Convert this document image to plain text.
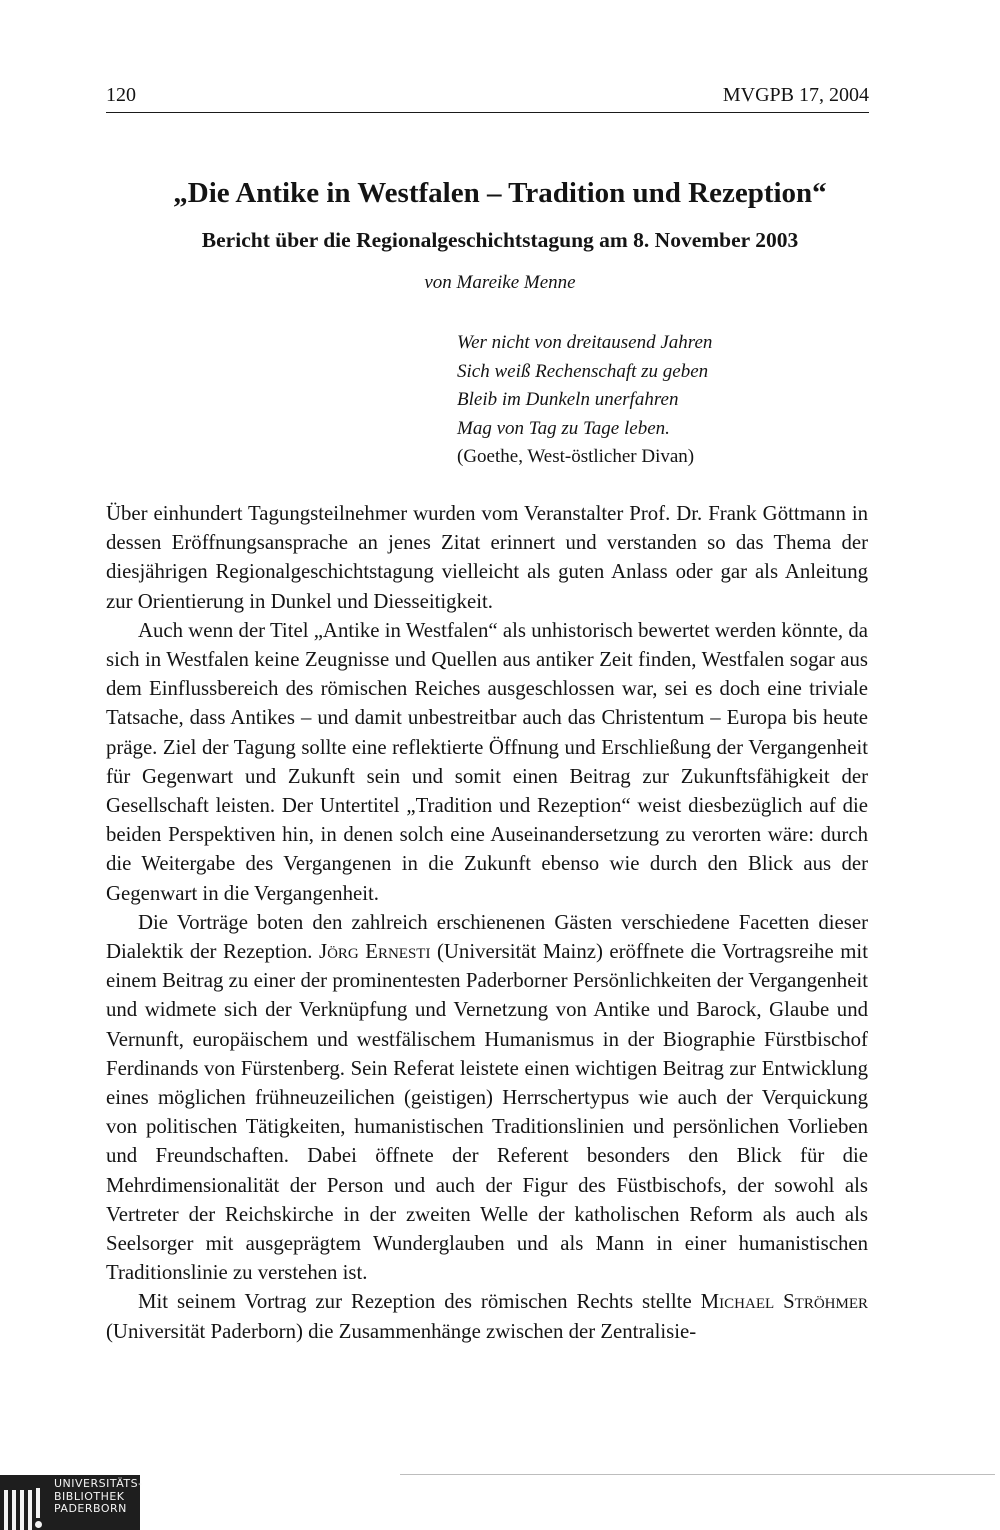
120	MVGPB 17, 2004
„Die Antike in Westfalen – Tradition und Rezeption“
Bericht über die Regionalgeschichtstagung am 8. November 2003
von Mareike Menne
Wer nicht von dreitausend Jahren
Sich weiß Rechenschaft zu geben
Bleib im Dunkeln unerfahren
Mag von Tag zu Tage leben.
(Goethe, West-östlicher Divan)

Über einhundert Tagungsteilnehmer wurden vom Veranstalter Prof. Dr. Frank Göttmann in dessen Eröffnungsansprache an jenes Zitat erinnert und verstanden so das Thema der diesjährigen Regionalgeschichtstagung vielleicht als guten Anlass oder gar als Anleitung zur Orientierung in Dunkel und Diesseitigkeit.

Auch wenn der Titel „Antike in Westfalen“ als unhistorisch bewertet werden könnte, da sich in Westfalen keine Zeugnisse und Quellen aus antiker Zeit finden, Westfalen sogar aus dem Einflussbereich des römischen Reiches ausgeschlossen war, sei es doch eine triviale Tatsache, dass Antikes – und damit unbestreitbar auch das Christentum – Europa bis heute präge. Ziel der Tagung sollte eine reflektierte Öffnung und Erschließung der Vergangenheit für Gegenwart und Zukunft sein und somit einen Beitrag zur Zukunftsfähigkeit der Gesellschaft leisten. Der Untertitel „Tradition und Rezeption“ weist diesbezüglich auf die beiden Perspektiven hin, in denen solch eine Auseinandersetzung zu verorten wäre: durch die Weitergabe des Vergangenen in die Zukunft ebenso wie durch den Blick aus der Gegenwart in die Vergangenheit.

Die Vorträge boten den zahlreich erschienenen Gästen verschiedene Facetten dieser Dialektik der Rezeption. Jörg Ernesti (Universität Mainz) eröffnete die Vortragsreihe mit einem Beitrag zu einer der prominentesten Paderborner Persönlichkeiten der Vergangenheit und widmete sich der Verknüpfung und Vernetzung von Antike und Barock, Glaube und Vernunft, europäischem und westfälischem Humanismus in der Biographie Fürstbischof Ferdinands von Fürstenberg. Sein Referat leistete einen wichtigen Beitrag zur Entwicklung eines möglichen frühneuzeilichen (geistigen) Herrschertypus wie auch der Verquickung von politischen Tätigkeiten, humanistischen Traditionslinien und persönlichen Vorlieben und Freundschaften. Dabei öffnete der Referent besonders den Blick für die Mehrdimensionalität der Person und auch der Figur des Füstbischofs, der sowohl als Vertreter der Reichskirche in der zweiten Welle der katholischen Reform als auch als Seelsorger mit ausgeprägtem Wunderglauben und als Mann in einer humanistischen Traditionslinie zu verstehen ist.

Mit seinem Vortrag zur Rezeption des römischen Rechts stellte Michael Ströhmer (Universität Paderborn) die Zusammenhänge zwischen der Zentralisie-

UNIVERSITÄTS-
BIBLIOTHEK
PADERBORN
